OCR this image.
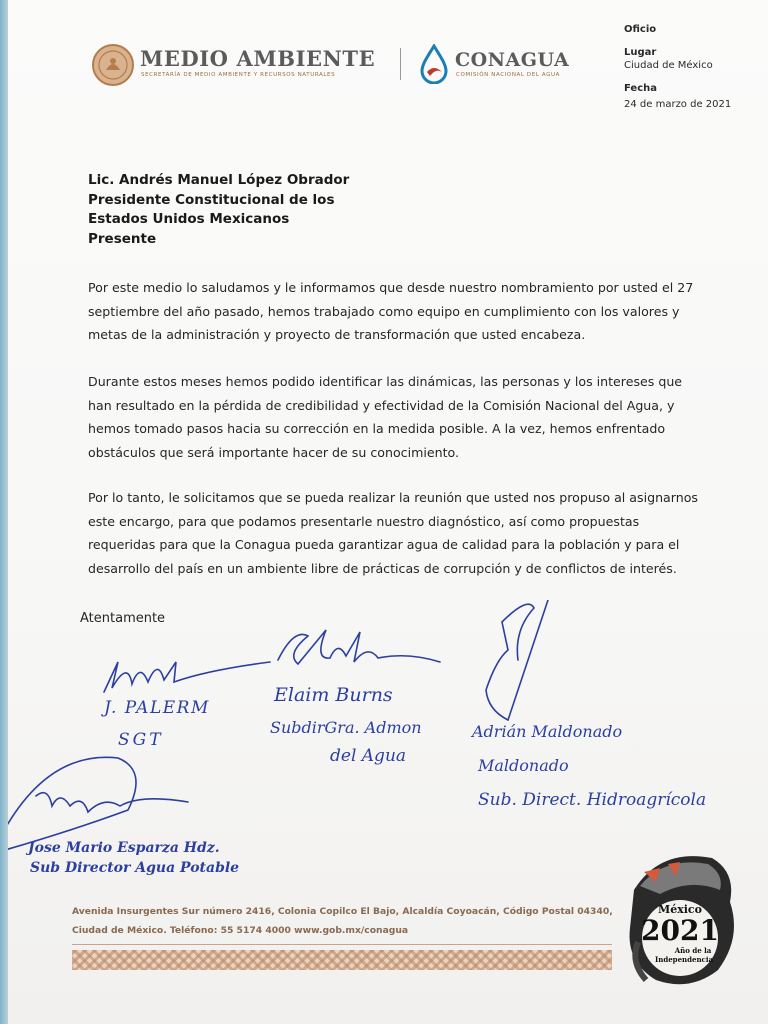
MEDIO AMBIENTE
SECRETARÍA DE MEDIO AMBIENTE Y RECURSOS NATURALES
CONAGUA
COMISIÓN NACIONAL DEL AGUA
Oficio
Lugar
Ciudad de México
Fecha
24 de marzo de 2021
Lic. Andrés Manuel López Obrador
Presidente Constitucional de los
Estados Unidos Mexicanos
Presente

Por este medio lo saludamos y le informamos que desde nuestro nombramiento por usted el 27 septiembre del año pasado, hemos trabajado como equipo en cumplimiento con los valores y metas de la administración y proyecto de transformación que usted encabeza.

Durante estos meses hemos podido identificar las dinámicas, las personas y los intereses que han resultado en la pérdida de credibilidad y efectividad de la Comisión Nacional del Agua, y hemos tomado pasos hacia su corrección en la medida posible. A la vez, hemos enfrentado obstáculos que será importante hacer de su conocimiento.

Por lo tanto, le solicitamos que se pueda realizar la reunión que usted nos propuso al asignarnos este encargo, para que podamos presentarle nuestro diagnóstico, así como propuestas requeridas para que la Conagua pueda garantizar agua de calidad para la población y para el desarrollo del país en un ambiente libre de prácticas de corrupción y de conflictos de interés.

Atentamente
J. PALERM
SGT
Elaim Burns
SubdirGra. Admon
del Agua
Adrián Maldonado
Maldonado
Sub. Direct. Hidroagrícola
Jose Mario Esparza Hdz.
Sub Director Agua Potable
Avenida Insurgentes Sur número 2416, Colonia Copilco El Bajo, Alcaldía Coyoacán, Código Postal 04340,
Ciudad de México. Teléfono: 55 5174 4000 www.gob.mx/conagua
México
2021
Año de la
Independencia
